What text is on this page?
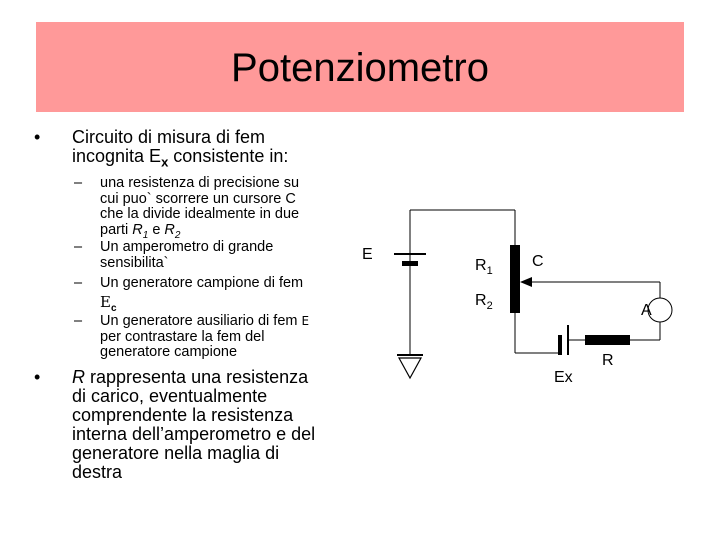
Potenziometro
• Circuito di misura di fem
incognita $E_x$ consistente in:
– una resistenza di precisione su
cui puo` scorrere un cursore C
che la divide idealmente in due
parti $R_1$ e $R_2$
– Un amperometro di grande
sensibilita`
– Un generatore campione di fem
$E_c$
– Un generatore ausiliario di fem E
per contrastare la fem del
generatore campione
• R rappresenta una resistenza
di carico, eventualmente
comprendente la resistenza
interna dell’amperometro e del
generatore nella maglia di
destra
E
$R_1$
$R_2$
C
A
Ex
R
